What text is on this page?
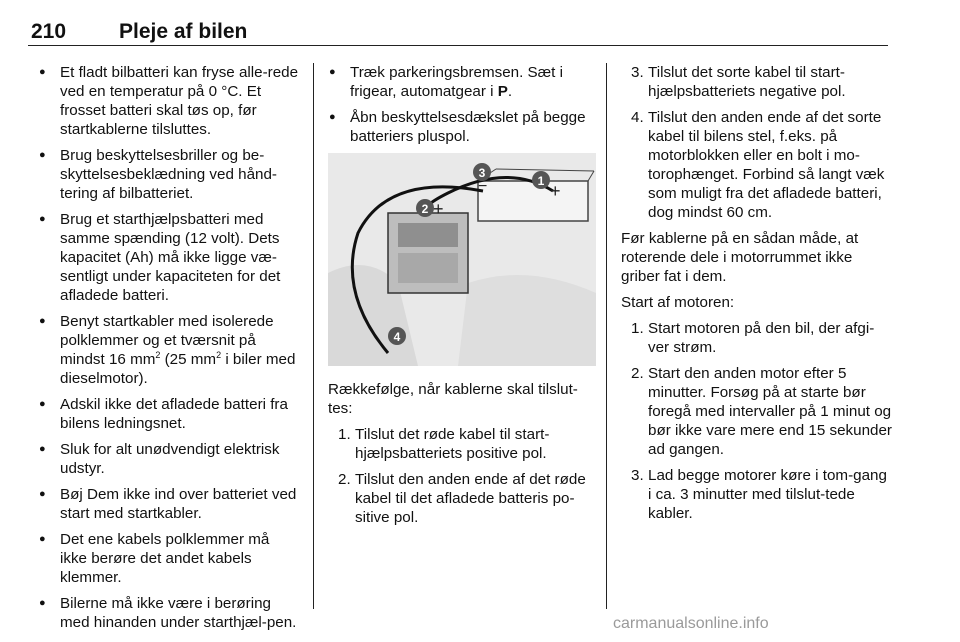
210	Pleje af bilen
● Et fladt bilbatteri kan fryse alle-rede ved en temperatur på 0 °C. Et frosset batteri skal tøs op, før startkablerne tilsluttes.
● Brug beskyttelsesbriller og be-skyttelsesbeklædning ved hånd-tering af bilbatteriet.
● Brug et starthjælpsbatteri med samme spænding (12 volt). Dets kapacitet (Ah) må ikke ligge væ-sentligt under kapaciteten for det afladede batteri.
● Benyt startkabler med isolerede polklemmer og et tværsnit på mindst 16 $mm^2$ (25 $mm^2$ i biler med dieselmotor).
● Adskil ikke det afladede batteri fra bilens ledningsnet.
● Sluk for alt unødvendigt elektrisk udstyr.
● Bøj Dem ikke ind over batteriet ved start med startkabler.
● Det ene kabels polklemmer må ikke berøre det andet kabels klemmer.
● Bilerne må ikke være i berøring med hinanden under starthjæl-pen.
● Træk parkeringsbremsen. Sæt i frigear, automatgear i P.
● Åbn beskyttelsesdækslet på begge batteriers pluspol.
1 +
3
−
2 +
4

Rækkefølge, når kablerne skal tilslut-tes:

1. Tilslut det røde kabel til start-hjælpsbatteriets positive pol.
2. Tilslut den anden ende af det røde kabel til det afladede batteris po-sitive pol.
3. Tilslut det sorte kabel til start-hjælpsbatteriets negative pol.
4. Tilslut den anden ende af det sorte kabel til bilens stel, f.eks. på motorblokken eller en bolt i mo-torophænget. Forbind så langt væk som muligt fra det afladede batteri, dog mindst 60 cm.

Før kablerne på en sådan måde, at roterende dele i motorrummet ikke griber fat i dem.

Start af motoren:

1. Start motoren på den bil, der afgi-ver strøm.
2. Start den anden motor efter 5 minutter. Forsøg på at starte bør foregå med intervaller på 1 minut og bør ikke vare mere end 15 sekunder ad gangen.
3. Lad begge motorer køre i tom-gang i ca. 3 minutter med tilslut-tede kabler.
carmanualsonline.info
